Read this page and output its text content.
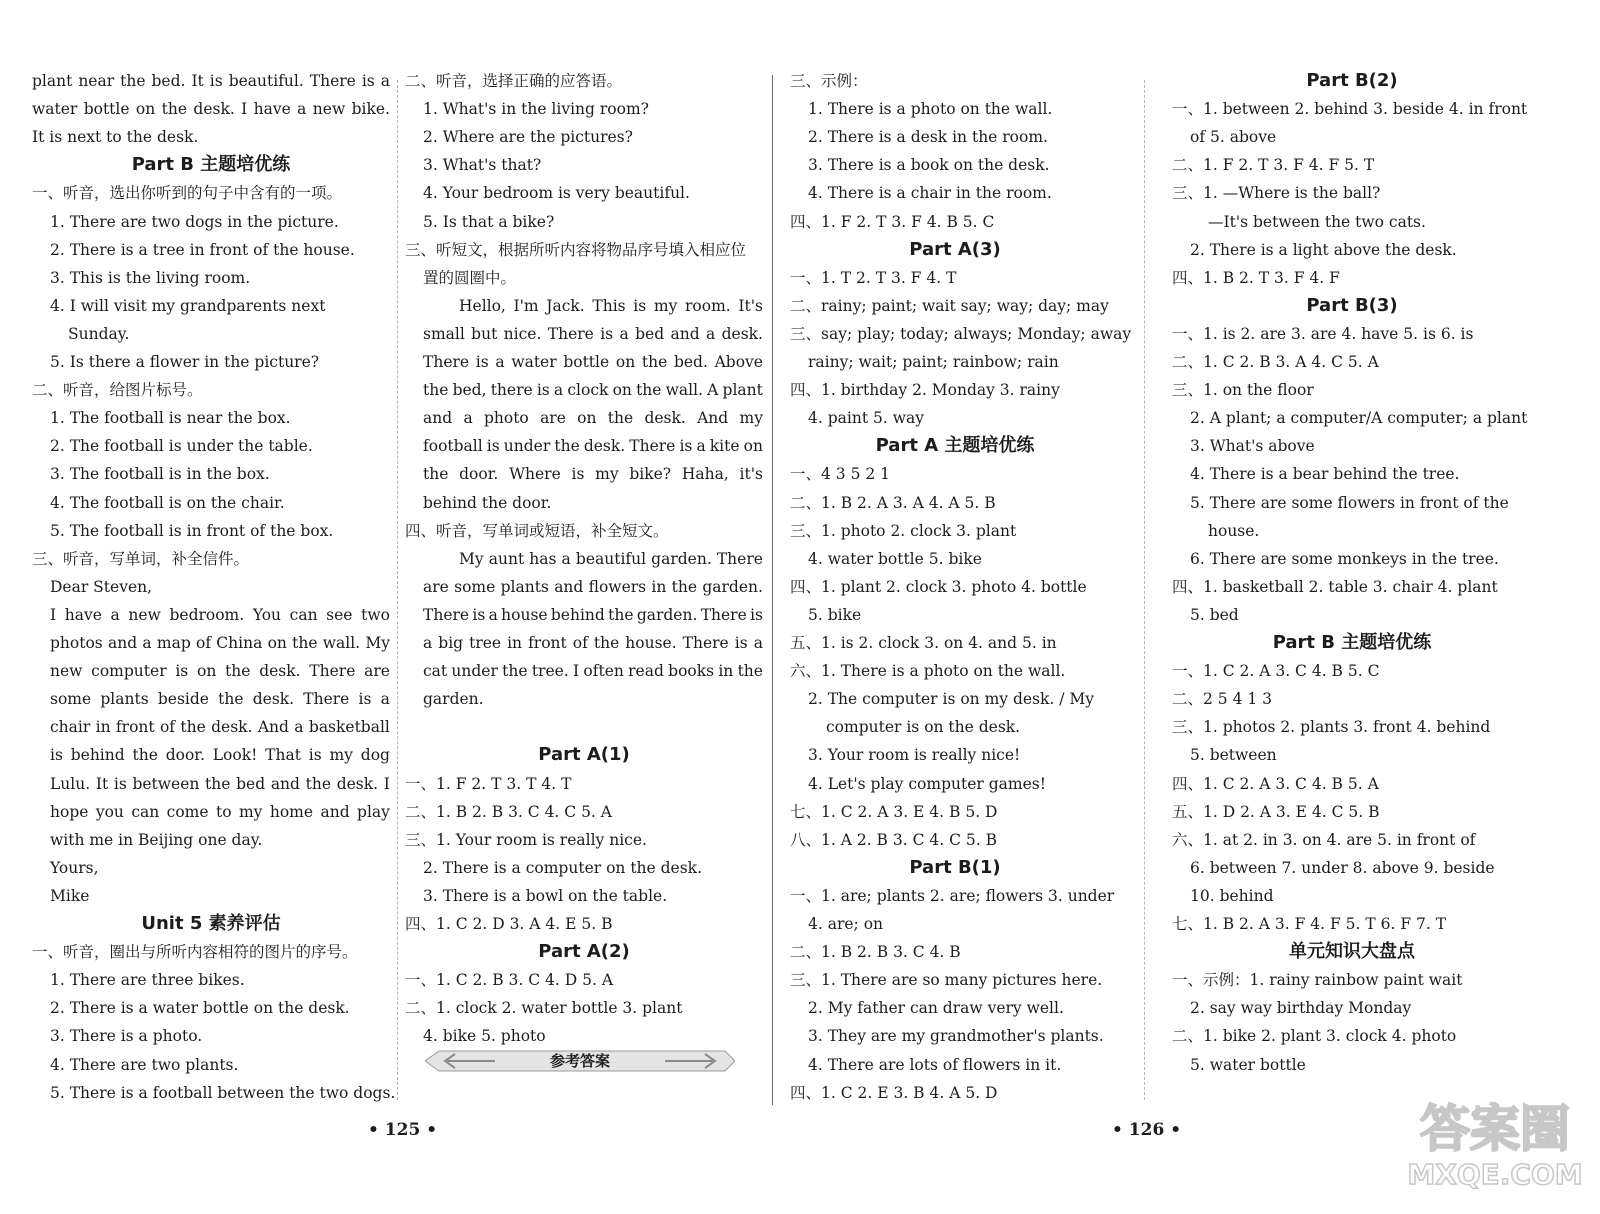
plant near the bed. It is beautiful. There is a
water bottle on the desk. I have a new bike.
It is next to the desk.
Part B 主题培优练
一、听音，选出你听到的句子中含有的一项。
1. There are two dogs in the picture.
2. There is a tree in front of the house.
3. This is the living room.
4. I will visit my grandparents next
Sunday.
5. Is there a flower in the picture?
二、听音，给图片标号。
1. The football is near the box.
2. The football is under the table.
3. The football is in the box.
4. The football is on the chair.
5. The football is in front of the box.
三、听音，写单词，补全信件。
Dear Steven,
I have a new bedroom. You can see two
photos and a map of China on the wall. My
new computer is on the desk. There are
some plants beside the desk. There is a
chair in front of the desk. And a basketball
is behind the door. Look! That is my dog
Lulu. It is between the bed and the desk. I
hope you can come to my home and play
with me in Beijing one day.
Yours,
Mike
Unit 5 素养评估
一、听音，圈出与所听内容相符的图片的序号。
1. There are three bikes.
2. There is a water bottle on the desk.
3. There is a photo.
4. There are two plants.
5. There is a football between the two dogs.
二、听音，选择正确的应答语。
1. What's in the living room?
2. Where are the pictures?
3. What's that?
4. Your bedroom is very beautiful.
5. Is that a bike?
三、听短文，根据所听内容将物品序号填入相应位
置的圆圈中。
Hello, I'm Jack. This is my room. It's
small but nice. There is a bed and a desk.
There is a water bottle on the bed. Above
the bed, there is a clock on the wall. A plant
and a photo are on the desk. And my
football is under the desk. There is a kite on
the door. Where is my bike? Haha, it's
behind the door.
四、听音，写单词或短语，补全短文。
My aunt has a beautiful garden. There
are some plants and flowers in the garden.
There is a house behind the garden. There is
a big tree in front of the house. There is a
cat under the tree. I often read books in the
garden.
Part A(1)
一、1. F 2. T 3. T 4. T
二、1. B 2. B 3. C 4. C 5. A
三、1. Your room is really nice.
2. There is a computer on the desk.
3. There is a bowl on the table.
四、1. C 2. D 3. A 4. E 5. B
Part A(2)
一、1. C 2. B 3. C 4. D 5. A
二、1. clock 2. water bottle 3. plant
4. bike 5. photo
三、示例：
1. There is a photo on the wall.
2. There is a desk in the room.
3. There is a book on the desk.
4. There is a chair in the room.
四、1. F 2. T 3. F 4. B 5. C
Part A(3)
一、1. T 2. T 3. F 4. T
二、rainy; paint; wait say; way; day; may
三、say; play; today; always; Monday; away
rainy; wait; paint; rainbow; rain
四、1. birthday 2. Monday 3. rainy
4. paint 5. way
Part A 主题培优练
一、4 3 5 2 1
二、1. B 2. A 3. A 4. A 5. B
三、1. photo 2. clock 3. plant
4. water bottle 5. bike
四、1. plant 2. clock 3. photo 4. bottle
5. bike
五、1. is 2. clock 3. on 4. and 5. in
六、1. There is a photo on the wall.
2. The computer is on my desk. / My
computer is on the desk.
3. Your room is really nice!
4. Let's play computer games!
七、1. C 2. A 3. E 4. B 5. D
八、1. A 2. B 3. C 4. C 5. B
Part B(1)
一、1. are; plants 2. are; flowers 3. under
4. are; on
二、1. B 2. B 3. C 4. B
三、1. There are so many pictures here.
2. My father can draw very well.
3. They are my grandmother's plants.
4. There are lots of flowers in it.
四、1. C 2. E 3. B 4. A 5. D
Part B(2)
一、1. between 2. behind 3. beside 4. in front
of 5. above
二、1. F 2. T 3. F 4. F 5. T
三、1. —Where is the ball?
—It's between the two cats.
2. There is a light above the desk.
四、1. B 2. T 3. F 4. F
Part B(3)
一、1. is 2. are 3. are 4. have 5. is 6. is
二、1. C 2. B 3. A 4. C 5. A
三、1. on the floor
2. A plant; a computer/A computer; a plant
3. What's above
4. There is a bear behind the tree.
5. There are some flowers in front of the
house.
6. There are some monkeys in the tree.
四、1. basketball 2. table 3. chair 4. plant
5. bed
Part B 主题培优练
一、1. C 2. A 3. C 4. B 5. C
二、2 5 4 1 3
三、1. photos 2. plants 3. front 4. behind
5. between
四、1. C 2. A 3. C 4. B 5. A
五、1. D 2. A 3. E 4. C 5. B
六、1. at 2. in 3. on 4. are 5. in front of
6. between 7. under 8. above 9. beside
10. behind
七、1. B 2. A 3. F 4. F 5. T 6. F 7. T
单元知识大盘点
一、示例：1. rainy rainbow paint wait
2. say way birthday Monday
二、1. bike 2. plant 3. clock 4. photo
5. water bottle
参考答案
• 125 •	• 126 •	答案圈
MXQE.COM
